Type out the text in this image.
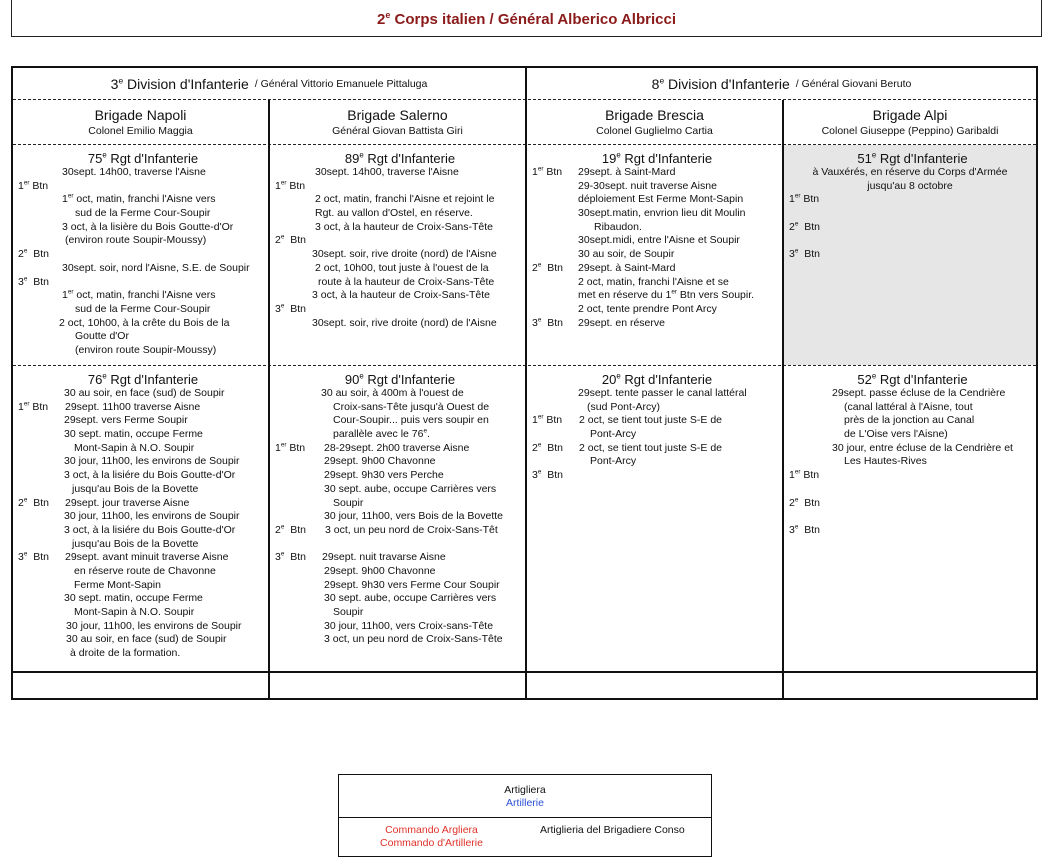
2e Corps italien / Général Alberico Albricci
3e Division d'Infanterie / Général Vittorio Emanuele Pittaluga	8e Division d'Infanterie / Général Giovani Beruto
Brigade Napoli
Colonel Emilio Maggia
Brigade Salerno
Général Giovan Battista Giri
Brigade Brescia
Colonel Guglielmo Cartia
Brigade Alpi
Colonel Giuseppe (Peppino) Garibaldi
75e Rgt d'Infanterie
30sept. 14h00, traverse l'Aisne
1er Btn
1er oct, matin, franchi l'Aisne vers
sud de la Ferme Cour-Soupir
3 oct, à la lisière du Bois Goutte-d'Or
(environ route Soupir-Moussy)
2e  Btn
30sept. soir, nord l'Aisne, S.E. de Soupir
3e  Btn
1er oct, matin, franchi l'Aisne vers
sud de la Ferme Cour-Soupir
2 oct, 10h00, à la crête du Bois de la
Goutte d'Or
(environ route Soupir-Moussy)
89e Rgt d'Infanterie
30sept. 14h00, traverse l'Aisne
1er Btn
2 oct, matin, franchi l'Aisne et rejoint le
Rgt. au vallon d'Ostel, en réserve.
3 oct, à la hauteur de Croix-Sans-Tête
2e  Btn
30sept. soir, rive droite (nord) de l'Aisne
2 oct, 10h00, tout juste à l'ouest de la
route à la hauteur de Croix-Sans-Tête
3 oct, à la hauteur de Croix-Sans-Tête
3e  Btn
30sept. soir, rive droite (nord) de l'Aisne
19e Rgt d'Infanterie
1er Btn 29sept. à Saint-Mard
29-30sept. nuit traverse Aisne
déploiement Est Ferme Mont-Sapin
30sept.matin, envrion lieu dit Moulin
Ribaudon.
30sept.midi, entre l'Aisne et Soupir
30 au soir, de Soupir
2e  Btn 29sept. à Saint-Mard
2 oct, matin, franchi l'Aisne et se
met en réserve du 1er Btn vers Soupir.
2 oct, tente prendre Pont Arcy
3e  Btn 29sept. en réserve
51e Rgt d'Infanterie
à Vauxérés, en réserve du Corps d'Armée
jusqu'au 8 octobre
1er Btn
2e  Btn
3e  Btn
76e Rgt d'Infanterie
30 au soir, en face (sud) de Soupir
1er Btn 29sept. 11h00 traverse Aisne
29sept. vers Ferme Soupir
30 sept. matin, occupe Ferme
Mont-Sapin à N.O. Soupir
30 jour, 11h00, les environs de Soupir
3 oct, à la lisiére du Bois Goutte-d'Or
jusqu'au Bois de la Bovette
2e  Btn 29sept. jour traverse Aisne
30 jour, 11h00, les environs de Soupir
3 oct, à la lisiére du Bois Goutte-d'Or
jusqu'au Bois de la Bovette
3e  Btn 29sept. avant minuit traverse Aisne
en réserve route de Chavonne
Ferme Mont-Sapin
30 sept. matin, occupe Ferme
Mont-Sapin à N.O. Soupir
30 jour, 11h00, les environs de Soupir
30 au soir, en face (sud) de Soupir
à droite de la formation.
90e Rgt d'Infanterie
30 au soir, à 400m à l'ouest de
Croix-sans-Tête jusqu'à Ouest de
Cour-Soupir... puis vers soupir en
parallèle avec le 76e.
1er Btn 28-29sept. 2h00 traverse Aisne
29sept. 9h00 Chavonne
29sept. 9h30 vers Perche
30 sept. aube, occupe Carrières vers
Soupir
30 jour, 11h00, vers Bois de la Bovette
2e  Btn 3 oct, un peu nord de Croix-Sans-Têt
3e  Btn 29sept. nuit travarse Aisne
29sept. 9h00 Chavonne
29sept. 9h30 vers Ferme Cour Soupir
30 sept. aube, occupe Carrières vers
Soupir
30 jour, 11h00, vers Croix-sans-Tête
3 oct, un peu nord de Croix-Sans-Tête
20e Rgt d'Infanterie
29sept. tente passer le canal lattéral
(sud Pont-Arcy)
1er Btn 2 oct, se tient tout juste S-E de
Pont-Arcy
2e  Btn 2 oct, se tient tout juste S-E de
Pont-Arcy
3e  Btn
52e Rgt d'Infanterie
29sept. passe écluse de la Cendrière
(canal lattéral à l'Aisne, tout
près de la jonction au Canal
de L'Oise vers l'Aisne)
30 jour, entre écluse de la Cendrière et
Les Hautes-Rives
1er Btn
2e  Btn
3e  Btn
Artigliera
Artillerie
Commando Argliera
Commando d'Artillerie
Artiglieria del Brigadiere Conso
